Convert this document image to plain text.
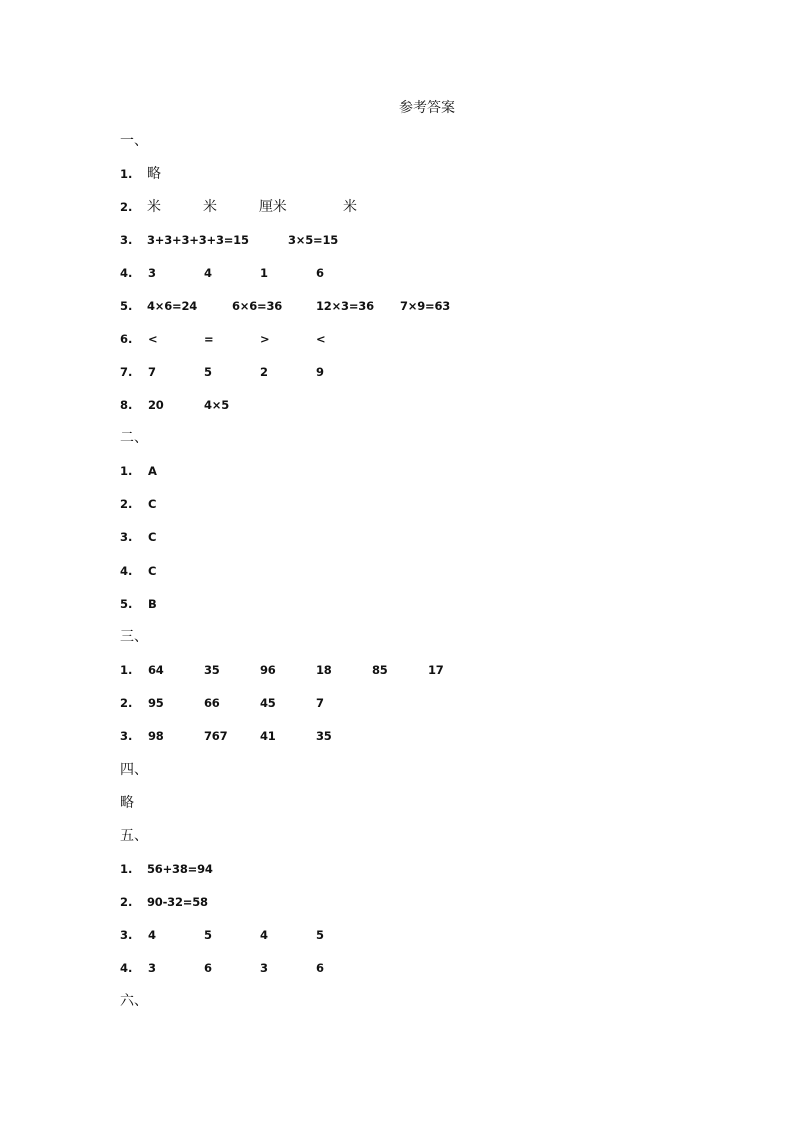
参考答案
一、
1. 略
2. 米	米	厘米	米
3. 3+3+3+3+3=15	3×5=15
4. 3	4	1	6
5. 4×6=24	6×6=36	12×3=36 7×9=63
6. <	=	>	<
7. 7	5	2	9
8. 20	4×5
二、
1. A
2. C
3. C
4. C
5. B
三、
1. 64	35	96	18	85	17
2. 95	66	45	7
3. 98	767	41	35
四、
略
五、
1. 56+38=94
2. 90-32=58
3. 4	5	4	5
4. 3	6	3	6
六、
